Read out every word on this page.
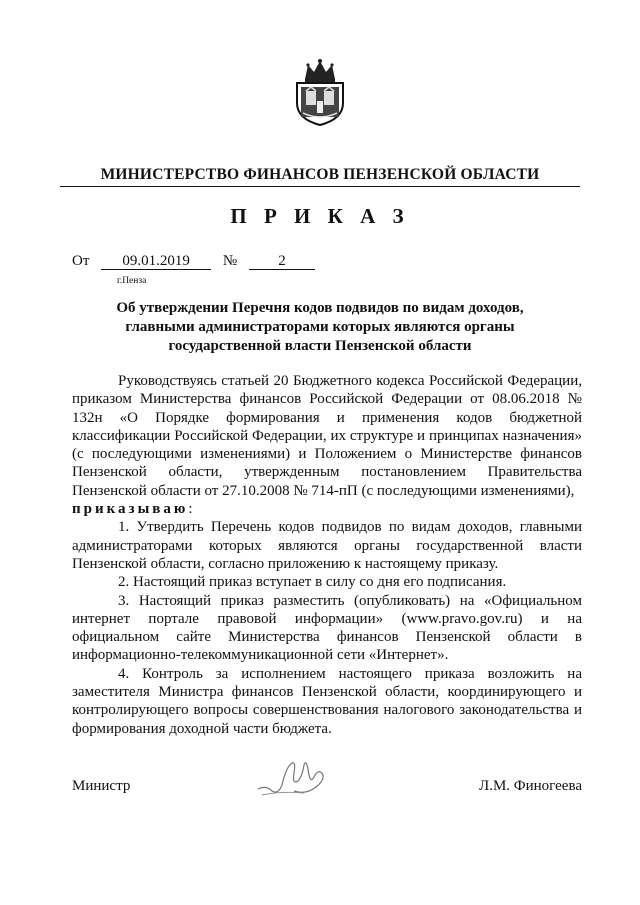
МИНИСТЕРСТВО ФИНАНСОВ ПЕНЗЕНСКОЙ ОБЛАСТИ
П Р И К А З
От 09.01.2019 №	2
г.Пенза
Об утверждении Перечня кодов подвидов по видам доходов, главными администраторами которых являются органы государственной власти Пензенской области

Руководствуясь статьей 20 Бюджетного кодекса Российской Федерации, приказом Министерства финансов Российской Федерации от 08.06.2018 № 132н «О Порядке формирования и применения кодов бюджетной классификации Российской Федерации, их структуре и принципах назначения» (с последующими изменениями) и Положением о Министерстве финансов Пензенской области, утвержденным постановлением Правительства Пензенской области от 27.10.2008 № 714-пП (с последующими изменениями),

приказываю:

1. Утвердить Перечень кодов подвидов по видам доходов, главными администраторами которых являются органы государственной власти Пензенской области, согласно приложению к настоящему приказу.

2. Настоящий приказ вступает в силу со дня его подписания.

3. Настоящий приказ разместить (опубликовать) на «Официальном интернет портале правовой информации» (www.pravo.gov.ru) и на официальном сайте Министерства финансов Пензенской области в информационно-телекоммуникационной сети «Интернет».

4. Контроль за исполнением настоящего приказа возложить на заместителя Министра финансов Пензенской области, координирующего и контролирующего вопросы совершенствования налогового законодательства и формирования доходной части бюджета.

Министр	Л.М. Финогеева
